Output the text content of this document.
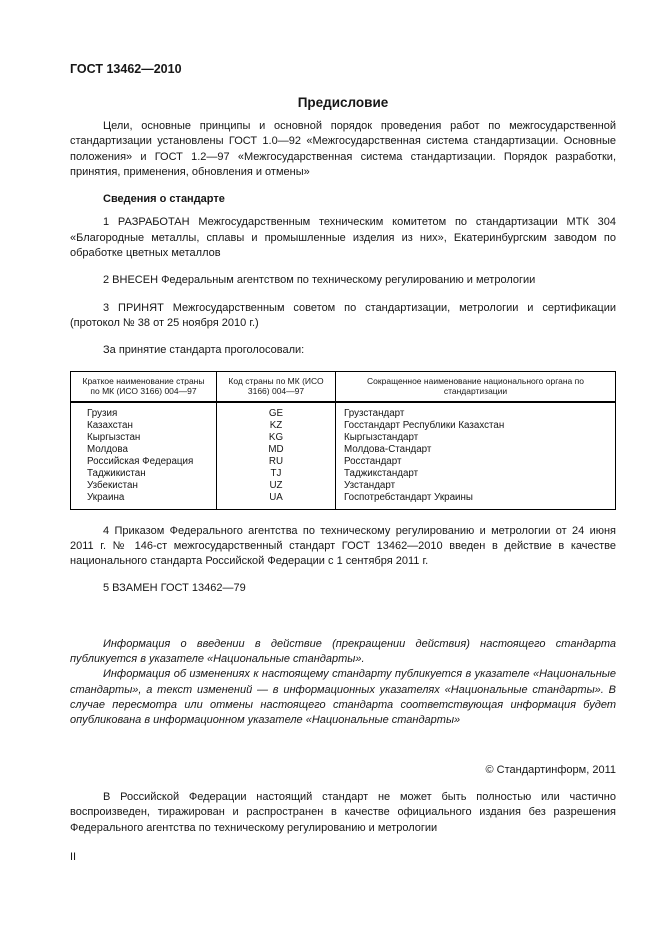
ГОСТ 13462—2010
Предисловие

Цели, основные принципы и основной порядок проведения работ по межгосударственной стандартизации установлены ГОСТ 1.0—92 «Межгосударственная система стандартизации. Основные положения» и ГОСТ 1.2—97 «Межгосударственная система стандартизации. Порядок разработки, принятия, применения, обновления и отмены»

Сведения о стандарте

1 РАЗРАБОТАН Межгосударственным техническим комитетом по стандартизации МТК 304 «Благородные металлы, сплавы и промышленные изделия из них», Екатеринбургским заводом по обработке цветных металлов

2 ВНЕСЕН Федеральным агентством по техническому регулированию и метрологии

3 ПРИНЯТ Межгосударственным советом по стандартизации, метрологии и сертификации (протокол № 38 от 25 ноября 2010 г.)

За принятие стандарта проголосовали:

Краткое наименование страны по МК (ИСО 3166) 004—97	Код страны по МК (ИСО 3166) 004—97	Сокращенное наименование национального органа по стандартизации
Грузия	GE	Грузстандарт
Казахстан	KZ	Госстандарт Республики Казахстан
Кыргызстан	KG	Кыргызстандарт
Молдова	MD	Молдова-Стандарт
Российская Федерация	RU	Росстандарт
Таджикистан	TJ	Таджикстандарт
Узбекистан	UZ	Узстандарт
Украина	UA	Госпотребстандарт Украины

4 Приказом Федерального агентства по техническому регулированию и метрологии от 24 июня 2011 г. № 146-ст межгосударственный стандарт ГОСТ 13462—2010 введен в действие в качестве национального стандарта Российской Федерации с 1 сентября 2011 г.

5 ВЗАМЕН ГОСТ 13462—79

Информация о введении в действие (прекращении действия) настоящего стандарта публикуется в указателе «Национальные стандарты».

Информация об изменениях к настоящему стандарту публикуется в указателе «Национальные стандарты», а текст изменений — в информационных указателях «Национальные стандарты». В случае пересмотра или отмены настоящего стандарта соответствующая информация будет опубликована в информационном указателе «Национальные стандарты»

© Стандартинформ, 2011

В Российской Федерации настоящий стандарт не может быть полностью или частично воспроизведен, тиражирован и распространен в качестве официального издания без разрешения Федерального агентства по техническому регулированию и метрологии

II
